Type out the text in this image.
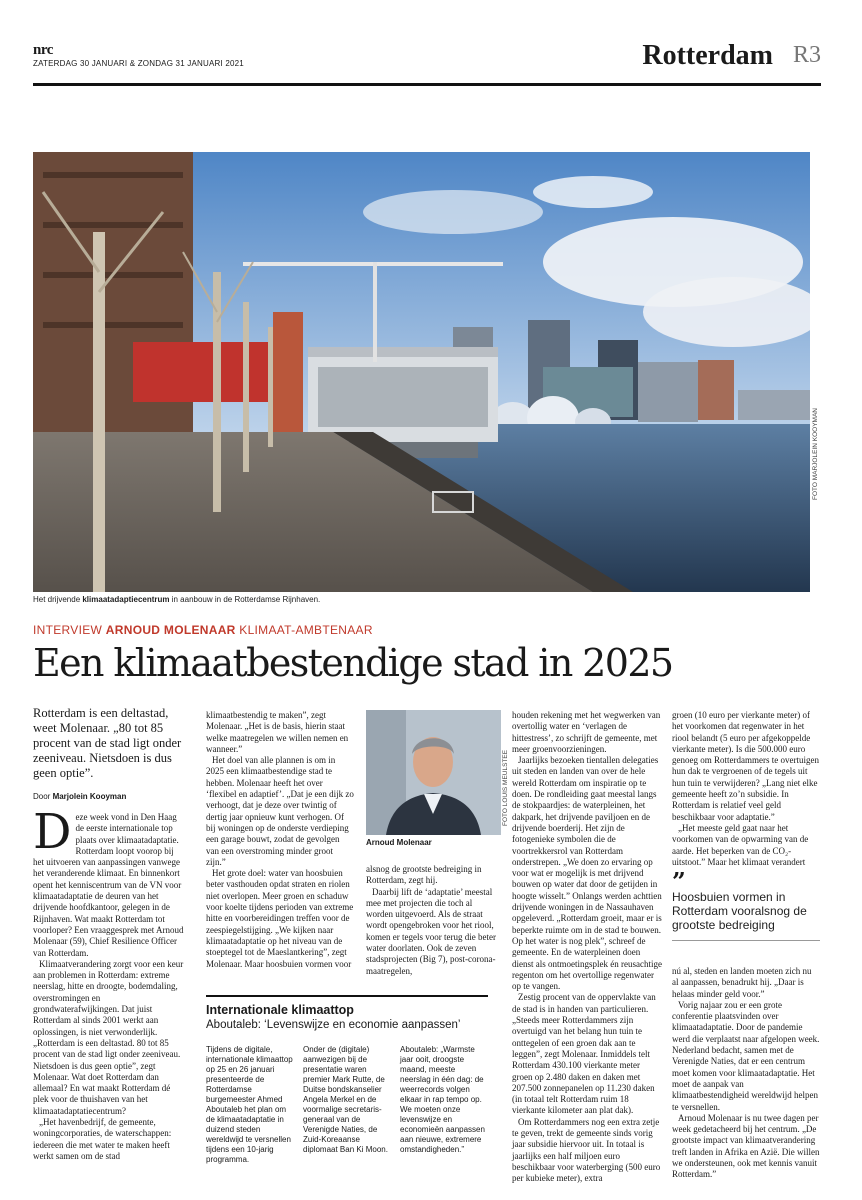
nrc
ZATERDAG 30 JANUARI & ZONDAG 31 JANUARI 2021	Rotterdam R3
FOTO MARJOLEIN KOOYMAN
Het drijvende klimaatadaptiecentrum in aanbouw in de Rotterdamse Rijnhaven.
INTERVIEW ARNOUD MOLENAAR KLIMAAT-AMBTENAAR
Een klimaatbestendige stad in 2025
Rotterdam is een deltastad, weet Molenaar. „80 tot 85 procent van de stad ligt onder zeeniveau. Nietsdoen is dus geen optie”.
Door Marjolein Kooyman

Deze week vond in Den Haag de eerste internationale top plaats over klimaatadaptatie. Rotterdam loopt voorop bij het uitvoeren van aanpassingen vanwege het veranderende klimaat. En binnenkort opent het kenniscentrum van de VN voor klimaatadaptatie de deuren van het drijvende hoofdkantoor, gelegen in de Rijnhaven. Wat maakt Rotterdam tot voorloper? Een vraaggesprek met Arnoud Molenaar (59), Chief Resilience Officer van Rotterdam.

Klimaatverandering zorgt voor een keur aan problemen in Rotterdam: extreme neerslag, hitte en droogte, bodemdaling, overstromingen en grondwaterafwijkingen. Dat juist Rotterdam al sinds 2001 werkt aan oplossingen, is niet verwonderlijk. „Rotterdam is een deltastad. 80 tot 85 procent van de stad ligt onder zeeniveau. Nietsdoen is dus geen optie”, zegt Molenaar. Wat doet Rotterdam dan allemaal? En wat maakt Rotterdam dé plek voor de thuishaven van het klimaatadaptatiecentrum?

„Het havenbedrijf, de gemeente, woningcorporaties, de waterschappen: iedereen die met water te maken heeft werkt samen om de stad

klimaatbestendig te maken”, zegt Molenaar. „Het is de basis, hierin staat welke maatregelen we willen nemen en wanneer.”

Het doel van alle plannen is om in 2025 een klimaatbestendige stad te hebben. Molenaar heeft het over ‘flexibel en adaptief’. „Dat je een dijk zo verhoogt, dat je deze over twintig of dertig jaar opnieuw kunt verhogen. Of bij woningen op de onderste verdieping een garage bouwt, zodat de gevolgen van een overstroming minder groot zijn.”

Het grote doel: water van hoosbuien beter vasthouden opdat straten en riolen niet overlopen. Meer groen en schaduw voor koelte tijdens perioden van extreme hitte en voorbereidingen treffen voor de zeespiegelstijging. „We kijken naar klimaatadaptatie op het niveau van de stoeptegel tot de Maeslantkering”, zegt Molenaar. Maar hoosbuien vormen voor

FOTO LOUIS MEULSTEE
Arnoud Molenaar

alsnog de grootste bedreiging in Rotterdam, zegt hij.

Daarbij lift de ‘adaptatie’ meestal mee met projecten die toch al worden uitgevoerd. Als de straat wordt opengebroken voor het riool, komen er tegels voor terug die beter water doorlaten. Ook de zeven stadsprojecten (Big 7), post-corona-maatregelen,

Internationale klimaattop
Aboutaleb: ‘Levenswijze en economie aanpassen’
Tijdens de digitale, internationale klimaattop op 25 en 26 januari presenteerde de Rotterdamse burgemeester Ahmed Aboutaleb het plan om de klimaatadaptatie in duizend steden wereldwijd te versnellen tijdens een 10-jarig programma.
Onder de (digitale) aanwezigen bij de presentatie waren premier Mark Rutte, de Duitse bondskanselier Angela Merkel en de voormalige secretaris-generaal van de Verenigde Naties, de Zuid-Koreaanse diplomaat Ban Ki Moon.
Aboutaleb: „Warmste jaar ooit, droogste maand, meeste neerslag in één dag: de weerrecords volgen elkaar in rap tempo op. We moeten onze levenswijze en economieën aanpassen aan nieuwe, extremere omstandigheden.”

houden rekening met het wegwerken van overtollig water en ‘verlagen de hittestress’, zo schrijft de gemeente, met meer groenvoorzieningen.

Jaarlijks bezoeken tientallen delegaties uit steden en landen van over de hele wereld Rotterdam om inspiratie op te doen. De rondleiding gaat meestal langs de stokpaardjes: de waterpleinen, het dakpark, het drijvende paviljoen en de drijvende boerderij. Het zijn de fotogenieke symbolen die de voortrekkersrol van Rotterdam onderstrepen. „We doen zo ervaring op voor wat er mogelijk is met drijvend bouwen op water dat door de getijden in hoogte wisselt.” Onlangs werden achttien drijvende woningen in de Nassauhaven opgeleverd. „Rotterdam groeit, maar er is beperkte ruimte om in de stad te bouwen. Op het water is nog plek”, schreef de gemeente. En de waterpleinen doen dienst als ontmoetingsplek én reusachtige regenton om het overtollige regenwater op te vangen.

Zestig procent van de oppervlakte van de stad is in handen van particulieren. „Steeds meer Rotterdammers zijn overtuigd van het belang hun tuin te onttegelen of een groen dak aan te leggen”, zegt Molenaar. Inmiddels telt Rotterdam 430.100 vierkante meter groen op 2.480 daken en daken met 207.500 zonnepanelen op 11.230 daken (in totaal telt Rotterdam ruim 18 vierkante kilometer aan plat dak).

Om Rotterdammers nog een extra zetje te geven, trekt de gemeente sinds vorig jaar subsidie hiervoor uit. In totaal is jaarlijks een half miljoen euro beschikbaar voor waterberging (500 euro per kubieke meter), extra

groen (10 euro per vierkante meter) of het voorkomen dat regenwater in het riool belandt (5 euro per afgekoppelde vierkante meter). Is die 500.000 euro genoeg om Rotterdammers te overtuigen hun dak te vergroenen of de tegels uit hun tuin te verwijderen? „Lang niet elke gemeente heeft zo’n subsidie. In Rotterdam is relatief veel geld beschikbaar voor adaptatie.”

„Het meeste geld gaat naar het voorkomen van de opwarming van de aarde. Het beperken van de CO₂-uitstoot.” Maar het klimaat verandert

”
Hoosbuien vormen in Rotterdam vooralsnog de grootste bedreiging

nú al, steden en landen moeten zich nu al aanpassen, benadrukt hij. „Daar is helaas minder geld voor.”

Vorig najaar zou er een grote conferentie plaatsvinden over klimaatadaptatie. Door de pandemie werd die verplaatst naar afgelopen week. Nederland bedacht, samen met de Verenigde Naties, dat er een centrum moet komen voor klimaatadaptatie. Het moet de aanpak van klimaatbestendigheid wereldwijd helpen te versnellen.

Arnoud Molenaar is nu twee dagen per week gedetacheerd bij het centrum. „De grootste impact van klimaatverandering treft landen in Afrika en Azië. Die willen we ondersteunen, ook met kennis vanuit Rotterdam.”
